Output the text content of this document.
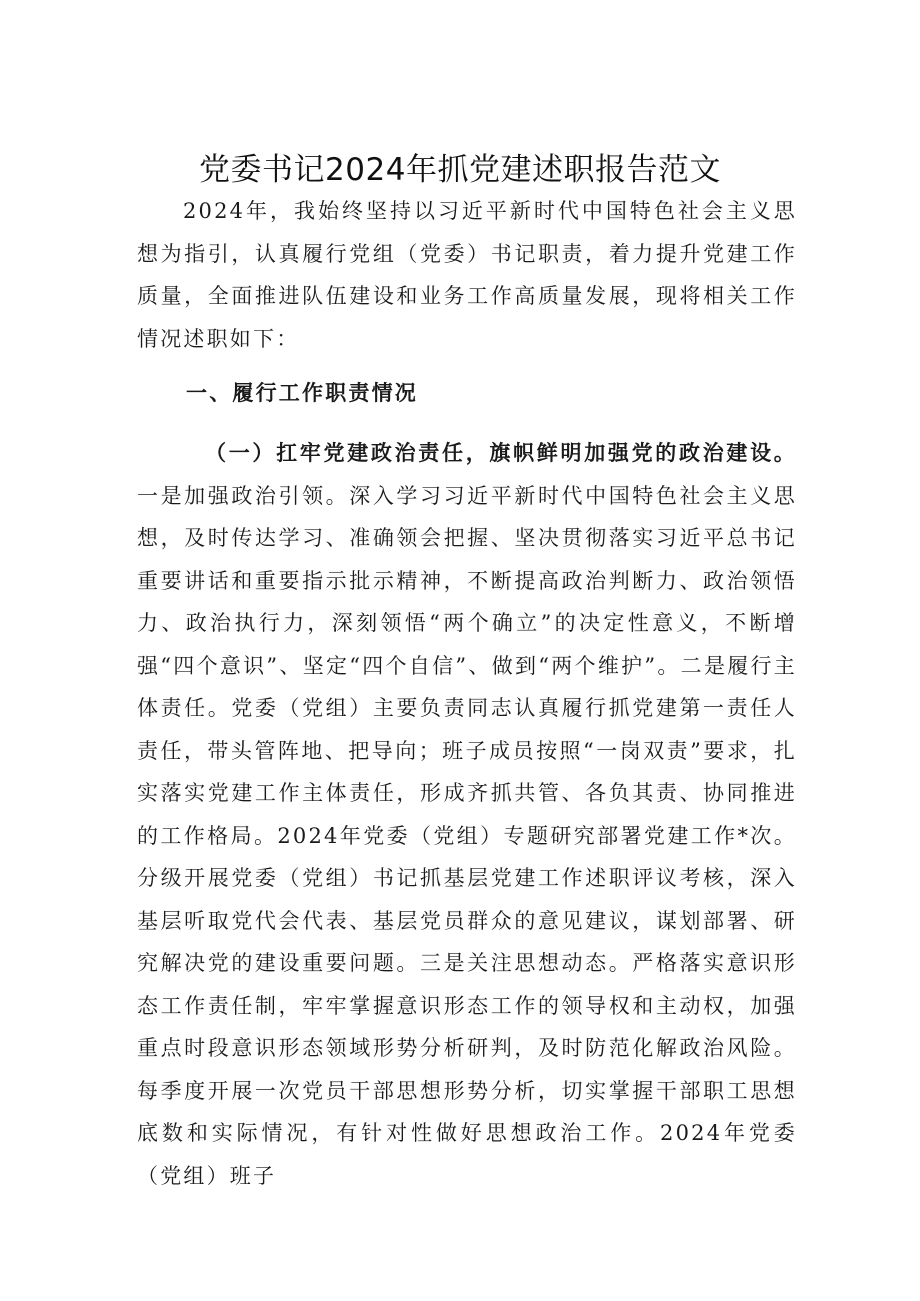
党委书记2024年抓党建述职报告范文

2024年，我始终坚持以习近平新时代中国特色社会主义思想为指引，认真履行党组（党委）书记职责，着力提升党建工作质量，全面推进队伍建设和业务工作高质量发展，现将相关工作情况述职如下：

一、履行工作职责情况

（一）扛牢党建政治责任，旗帜鲜明加强党的政治建设。一是加强政治引领。深入学习习近平新时代中国特色社会主义思想，及时传达学习、准确领会把握、坚决贯彻落实习近平总书记重要讲话和重要指示批示精神，不断提高政治判断力、政治领悟力、政治执行力，深刻领悟“两个确立”的决定性意义，不断增强“四个意识”、坚定“四个自信”、做到“两个维护”。二是履行主体责任。党委（党组）主要负责同志认真履行抓党建第一责任人责任，带头管阵地、把导向；班子成员按照“一岗双责”要求，扎实落实党建工作主体责任，形成齐抓共管、各负其责、协同推进的工作格局。2024年党委（党组）专题研究部署党建工作*次。分级开展党委（党组）书记抓基层党建工作述职评议考核，深入基层听取党代会代表、基层党员群众的意见建议，谋划部署、研究解决党的建设重要问题。三是关注思想动态。严格落实意识形态工作责任制，牢牢掌握意识形态工作的领导权和主动权，加强重点时段意识形态领域形势分析研判，及时防范化解政治风险。每季度开展一次党员干部思想形势分析，切实掌握干部职工思想底数和实际情况，有针对性做好思想政治工作。2024年党委（党组）班子
